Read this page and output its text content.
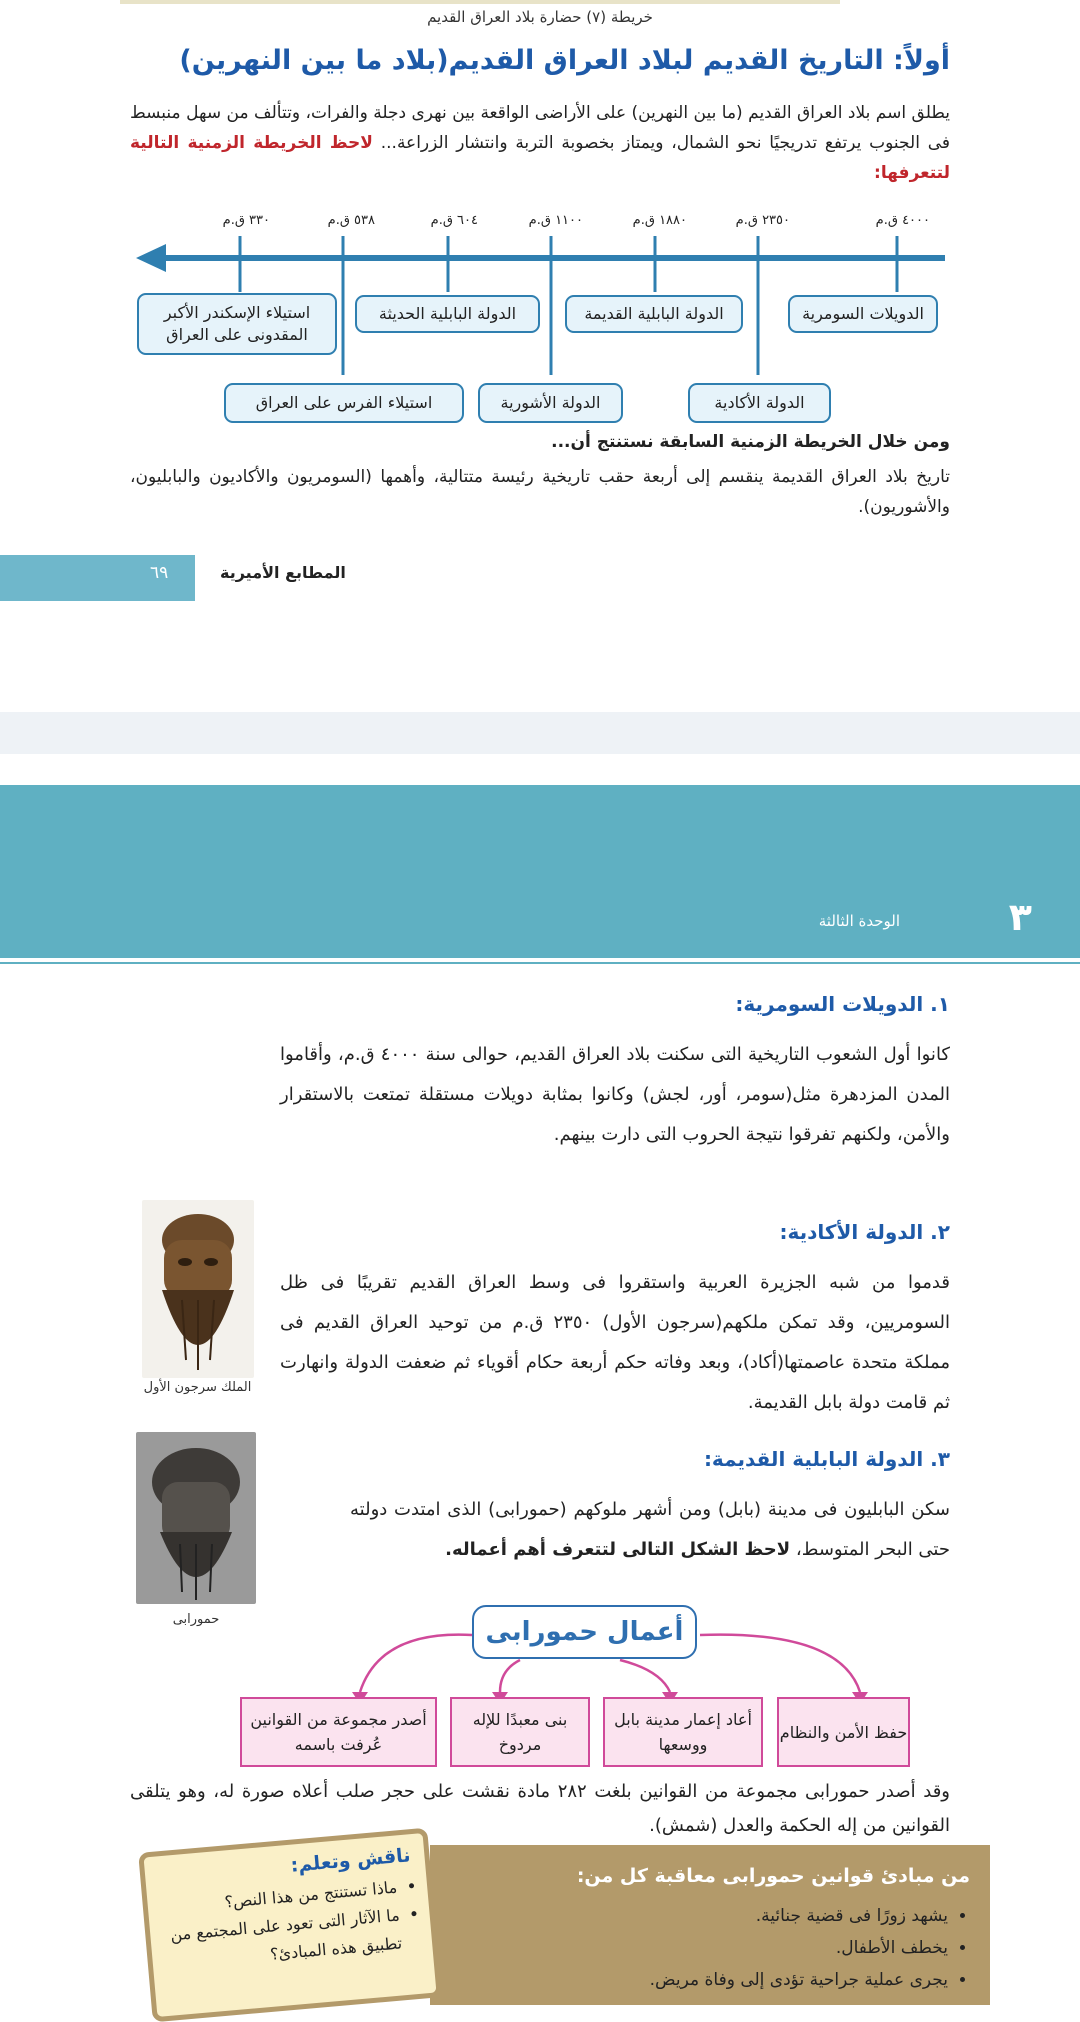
خريطة (٧) حضارة بلاد العراق القديم
أولاً: التاريخ القديم لبلاد العراق القديم(بلاد ما بين النهرين)
يطلق اسم بلاد العراق القديم (ما بين النهرين) على الأراضى الواقعة بين نهرى دجلة والفرات، وتتألف من سهل منبسط فى الجنوب يرتفع تدريجيًا نحو الشمال، ويمتاز بخصوبة التربة وانتشار الزراعة... لاحظ الخريطة الزمنية التالية لتتعرفها:
٤٠٠٠ ق.م
٢٣٥٠ ق.م
١٨٨٠ ق.م
١١٠٠ ق.م
٦٠٤ ق.م
٥٣٨ ق.م
٣٣٠ ق.م
الدويلات السومرية
الدولة البابلية القديمة
الدولة البابلية الحديثة
استيلاء الإسكندر الأكبر المقدونى على العراق
الدولة الأكادية
الدولة الأشورية
استيلاء الفرس على العراق
ومن خلال الخريطة الزمنية السابقة نستنتج أن...
تاريخ بلاد العراق القديمة ينقسم إلى أربعة حقب تاريخية رئيسة متتالية، وأهمها (السومريون والأكاديون والبابليون، والأشوريون).
٦٩	المطابع الأميرية
٣
الوحدة الثالثة
١. الدويلات السومرية:
كانوا أول الشعوب التاريخية التى سكنت بلاد العراق القديم، حوالى سنة ٤٠٠٠ ق.م، وأقاموا المدن المزدهرة مثل(سومر، أور، لجش) وكانوا بمثابة دويلات مستقلة تمتعت بالاستقرار والأمن، ولكنهم تفرقوا نتيجة الحروب التى دارت بينهم.
٢. الدولة الأكادية:
قدموا من شبه الجزيرة العربية واستقروا فى وسط العراق القديم تقريبًا فى ظل السومريين، وقد تمكن ملكهم(سرجون الأول) ٢٣٥٠ ق.م من توحيد العراق القديم فى مملكة متحدة عاصمتها(أكاد)، وبعد وفاته حكم أربعة حكام أقوياء ثم ضعفت الدولة وانهارت ثم قامت دولة بابل القديمة.
الملك سرجون الأول
٣. الدولة البابلية القديمة:
سكن البابليون فى مدينة (بابل) ومن أشهر ملوكهم (حمورابى) الذى امتدت دولته حتى البحر المتوسط، لاحظ الشكل التالى لتتعرف أهم أعماله.
حمورابى	أعمال حمورابى
حفظ الأمن والنظام
أعاد إعمار مدينة بابل ووسعها
بنى معبدًا للإله مردوخ
أصدر مجموعة من القوانين عُرفت باسمه
وقد أصدر حمورابى مجموعة من القوانين بلغت ٢٨٢ مادة نقشت على حجر صلب أعلاه صورة له، وهو يتلقى القوانين من إله الحكمة والعدل (شمش).
من مبادئ قوانين حمورابى معاقبة كل من:
• يشهد زورًا فى قضية جنائية.
• يخطف الأطفال.
• يجرى عملية جراحية تؤدى إلى وفاة مريض.
ناقش وتعلم:
• ماذا تستنتج من هذا النص؟
• ما الآثار التى تعود على المجتمع من تطبيق هذه المبادئ؟
